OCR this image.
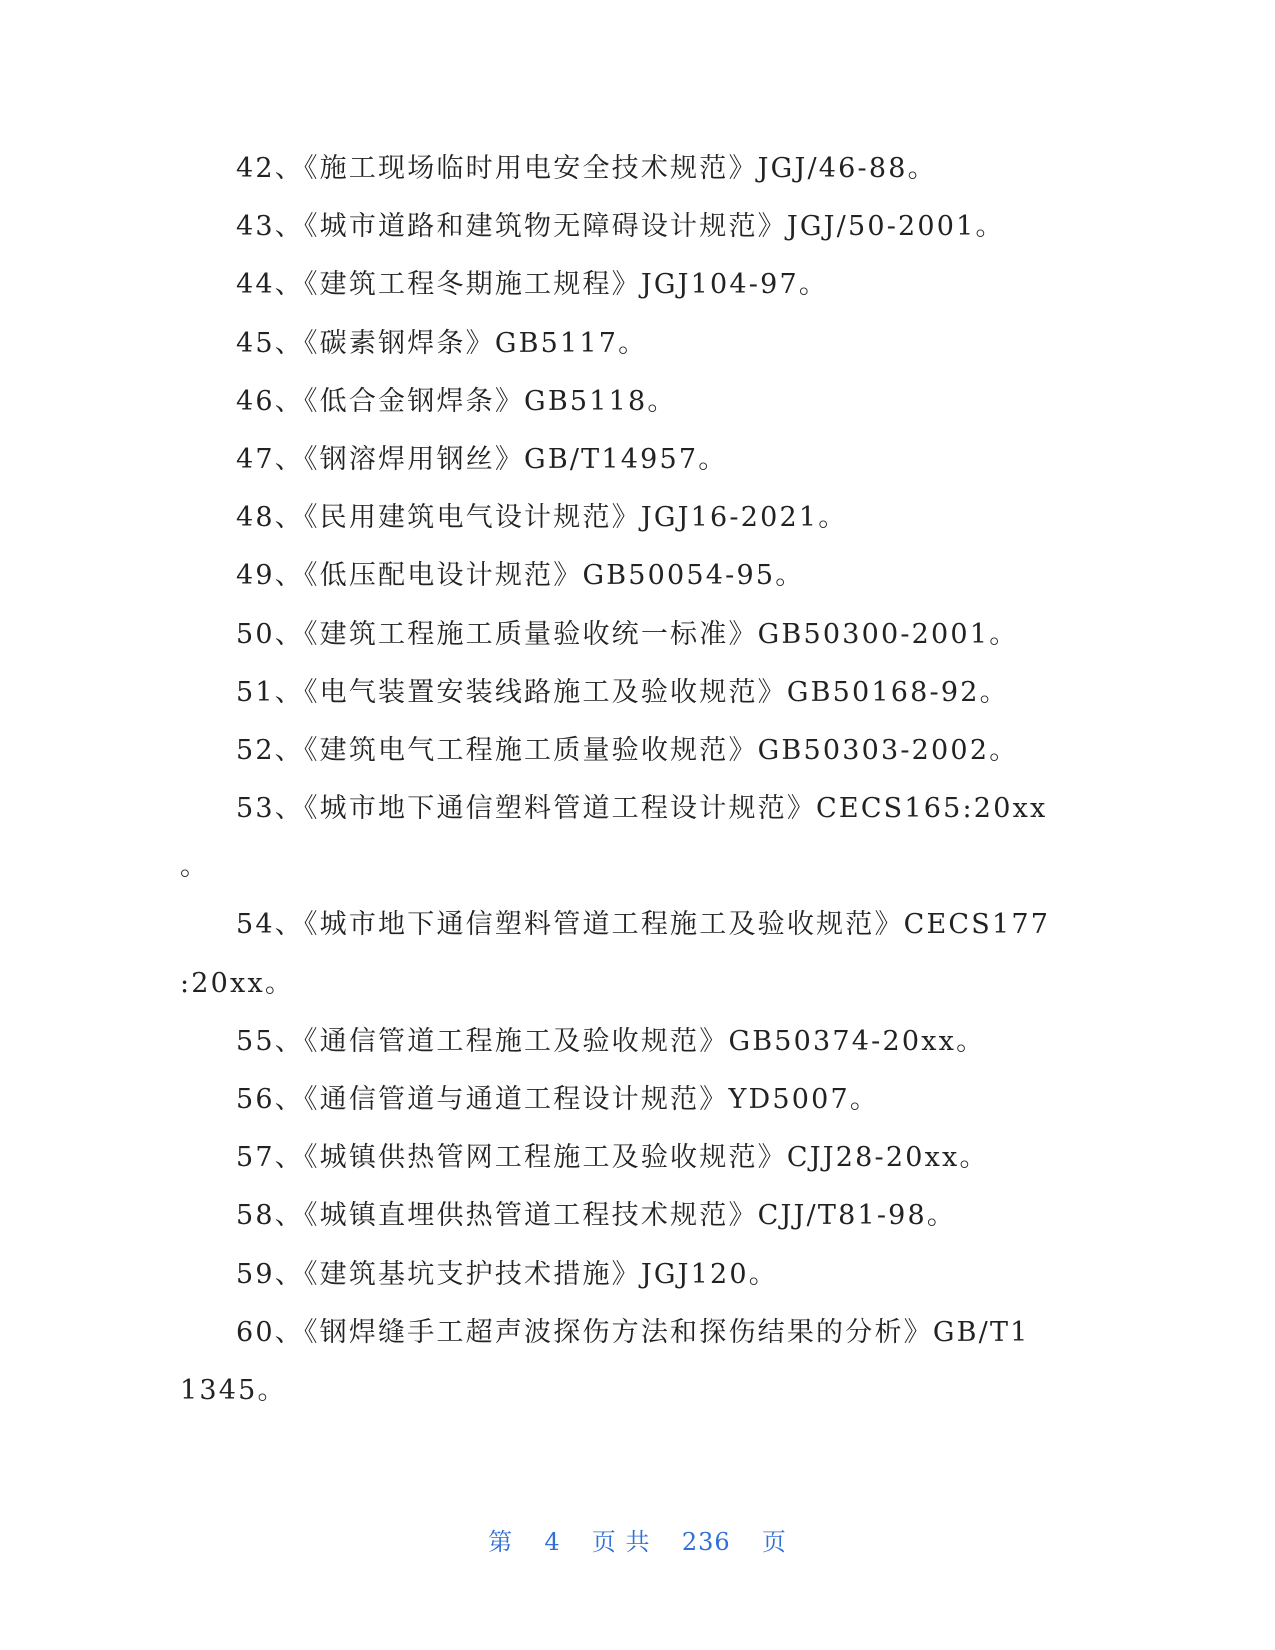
42、《施工现场临时用电安全技术规范》JGJ/46-88。
43、《城市道路和建筑物无障碍设计规范》JGJ/50-2001。
44、《建筑工程冬期施工规程》JGJ104-97。
45、《碳素钢焊条》GB5117。
46、《低合金钢焊条》GB5118。
47、《钢溶焊用钢丝》GB/T14957。
48、《民用建筑电气设计规范》JGJ16-2021。
49、《低压配电设计规范》GB50054-95。
50、《建筑工程施工质量验收统一标准》GB50300-2001。
51、《电气装置安装线路施工及验收规范》GB50168-92。
52、《建筑电气工程施工质量验收规范》GB50303-2002。
53、《城市地下通信塑料管道工程设计规范》CECS165:20xx
。
54、《城市地下通信塑料管道工程施工及验收规范》CECS177
:20xx。
55、《通信管道工程施工及验收规范》GB50374-20xx。
56、《通信管道与通道工程设计规范》YD5007。
57、《城镇供热管网工程施工及验收规范》CJJ28-20xx。
58、《城镇直埋供热管道工程技术规范》CJJ/T81-98。
59、《建筑基坑支护技术措施》JGJ120。
60、《钢焊缝手工超声波探伤方法和探伤结果的分析》GB/T1
1345。
第 4 页 共 236 页
